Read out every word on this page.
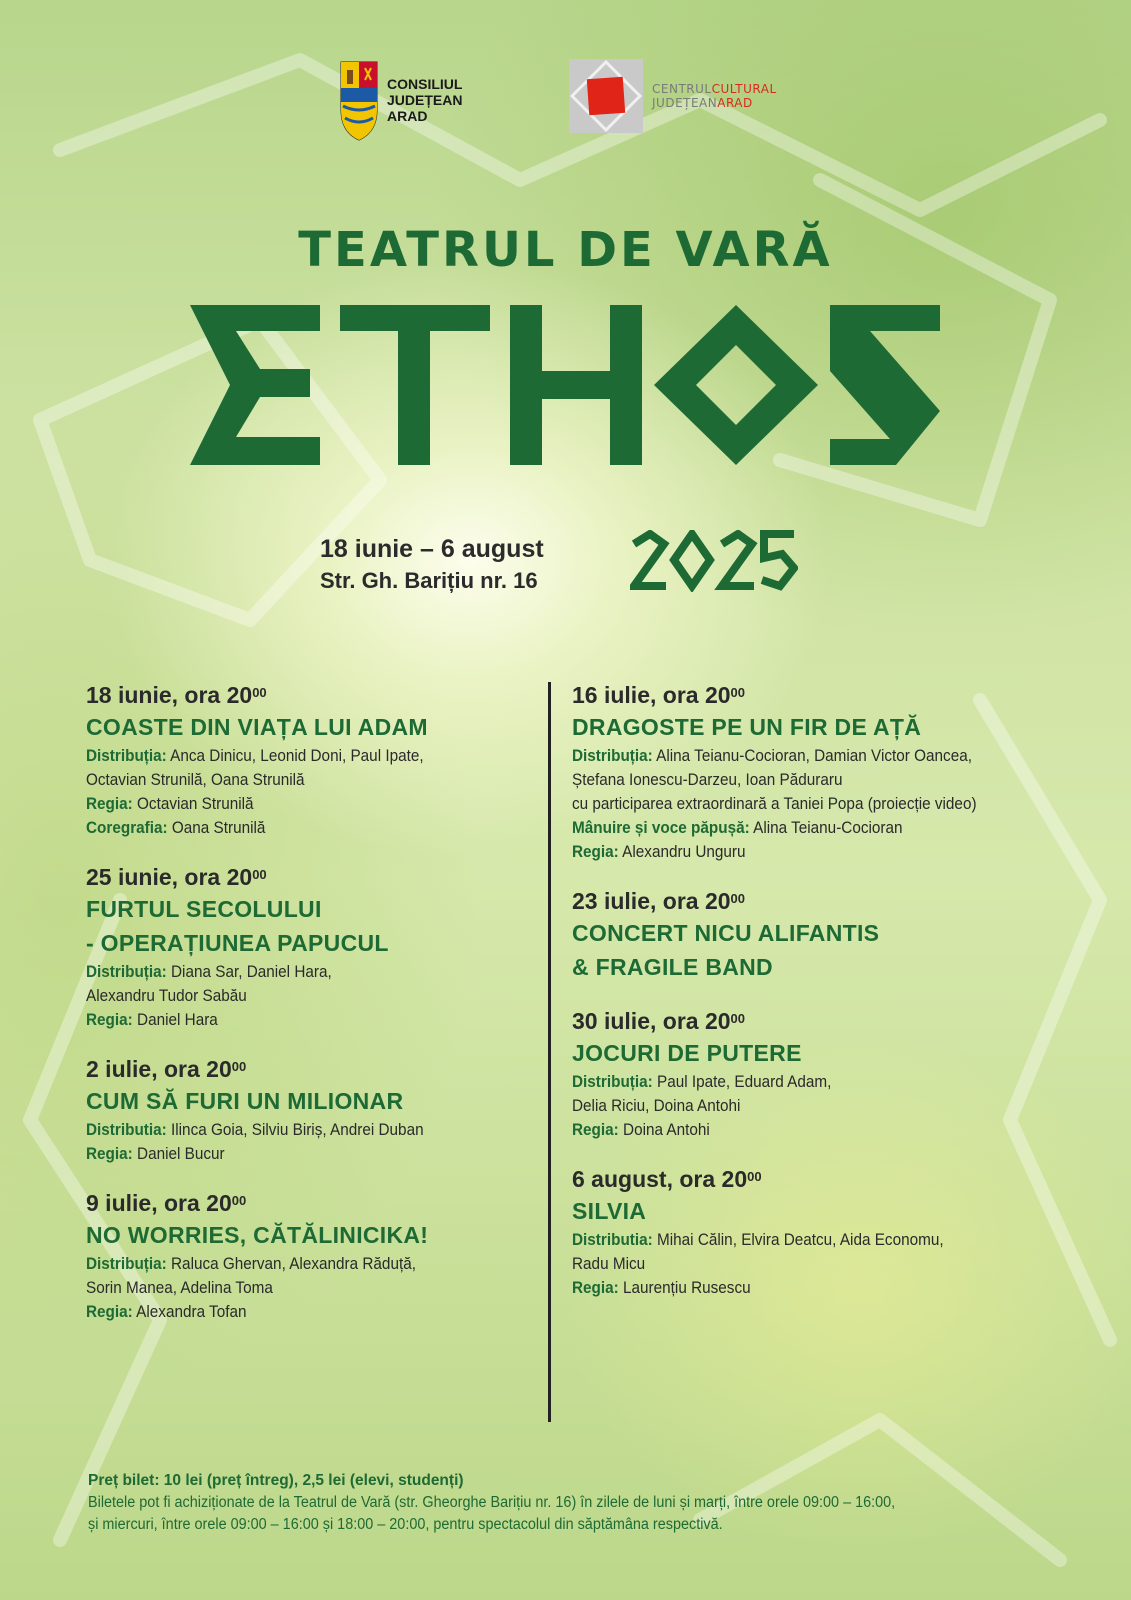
CONSILIUL
JUDEȚEAN
ARAD
CENTRULCULTURAL
JUDEȚEANARAD
TEATRUL DE VARĂ
18 iunie – 6 august
Str. Gh. Barițiu nr. 16
2025
18 iunie, ora $20^{00}$
COASTE DIN VIAȚA LUI ADAM
Distribuția: Anca Dinicu, Leonid Doni, Paul Ipate,
Octavian Strunilă, Oana Strunilă
Regia: Octavian Strunilă
Coregrafia: Oana Strunilă
25 iunie, ora $20^{00}$
FURTUL SECOLULUI
- OPERAȚIUNEA PAPUCUL
Distribuția: Diana Sar, Daniel Hara,
Alexandru Tudor Sabău
Regia: Daniel Hara
2 iulie, ora $20^{00}$
CUM SĂ FURI UN MILIONAR
Distributia: Ilinca Goia, Silviu Biriș, Andrei Duban
Regia: Daniel Bucur
9 iulie, ora $20^{00}$
NO WORRIES, CĂTĂLINICIKA!
Distribuția: Raluca Ghervan, Alexandra Răduță,
Sorin Manea, Adelina Toma
Regia: Alexandra Tofan
16 iulie, ora $20^{00}$
DRAGOSTE PE UN FIR DE AȚĂ
Distribuția: Alina Teianu-Cocioran, Damian Victor Oancea,
Ștefana Ionescu-Darzeu, Ioan Păduraru
cu participarea extraordinară a Taniei Popa (proiecție video)
Mânuire și voce păpușă: Alina Teianu-Cocioran
Regia: Alexandru Unguru
23 iulie, ora $20^{00}$
CONCERT NICU ALIFANTIS
& FRAGILE BAND
30 iulie, ora $20^{00}$
JOCURI DE PUTERE
Distribuția: Paul Ipate, Eduard Adam,
Delia Riciu, Doina Antohi
Regia: Doina Antohi
6 august, ora $20^{00}$
SILVIA
Distributia: Mihai Călin, Elvira Deatcu, Aida Economu,
Radu Micu
Regia: Laurențiu Rusescu
Preț bilet: 10 lei (preț întreg), 2,5 lei (elevi, studenți)
Biletele pot fi achiziționate de la Teatrul de Vară (str. Gheorghe Barițiu nr. 16) în zilele de luni și marți, între orele 09:00 – 16:00,
și miercuri, între orele 09:00 – 16:00 și 18:00 – 20:00, pentru spectacolul din săptămâna respectivă.
